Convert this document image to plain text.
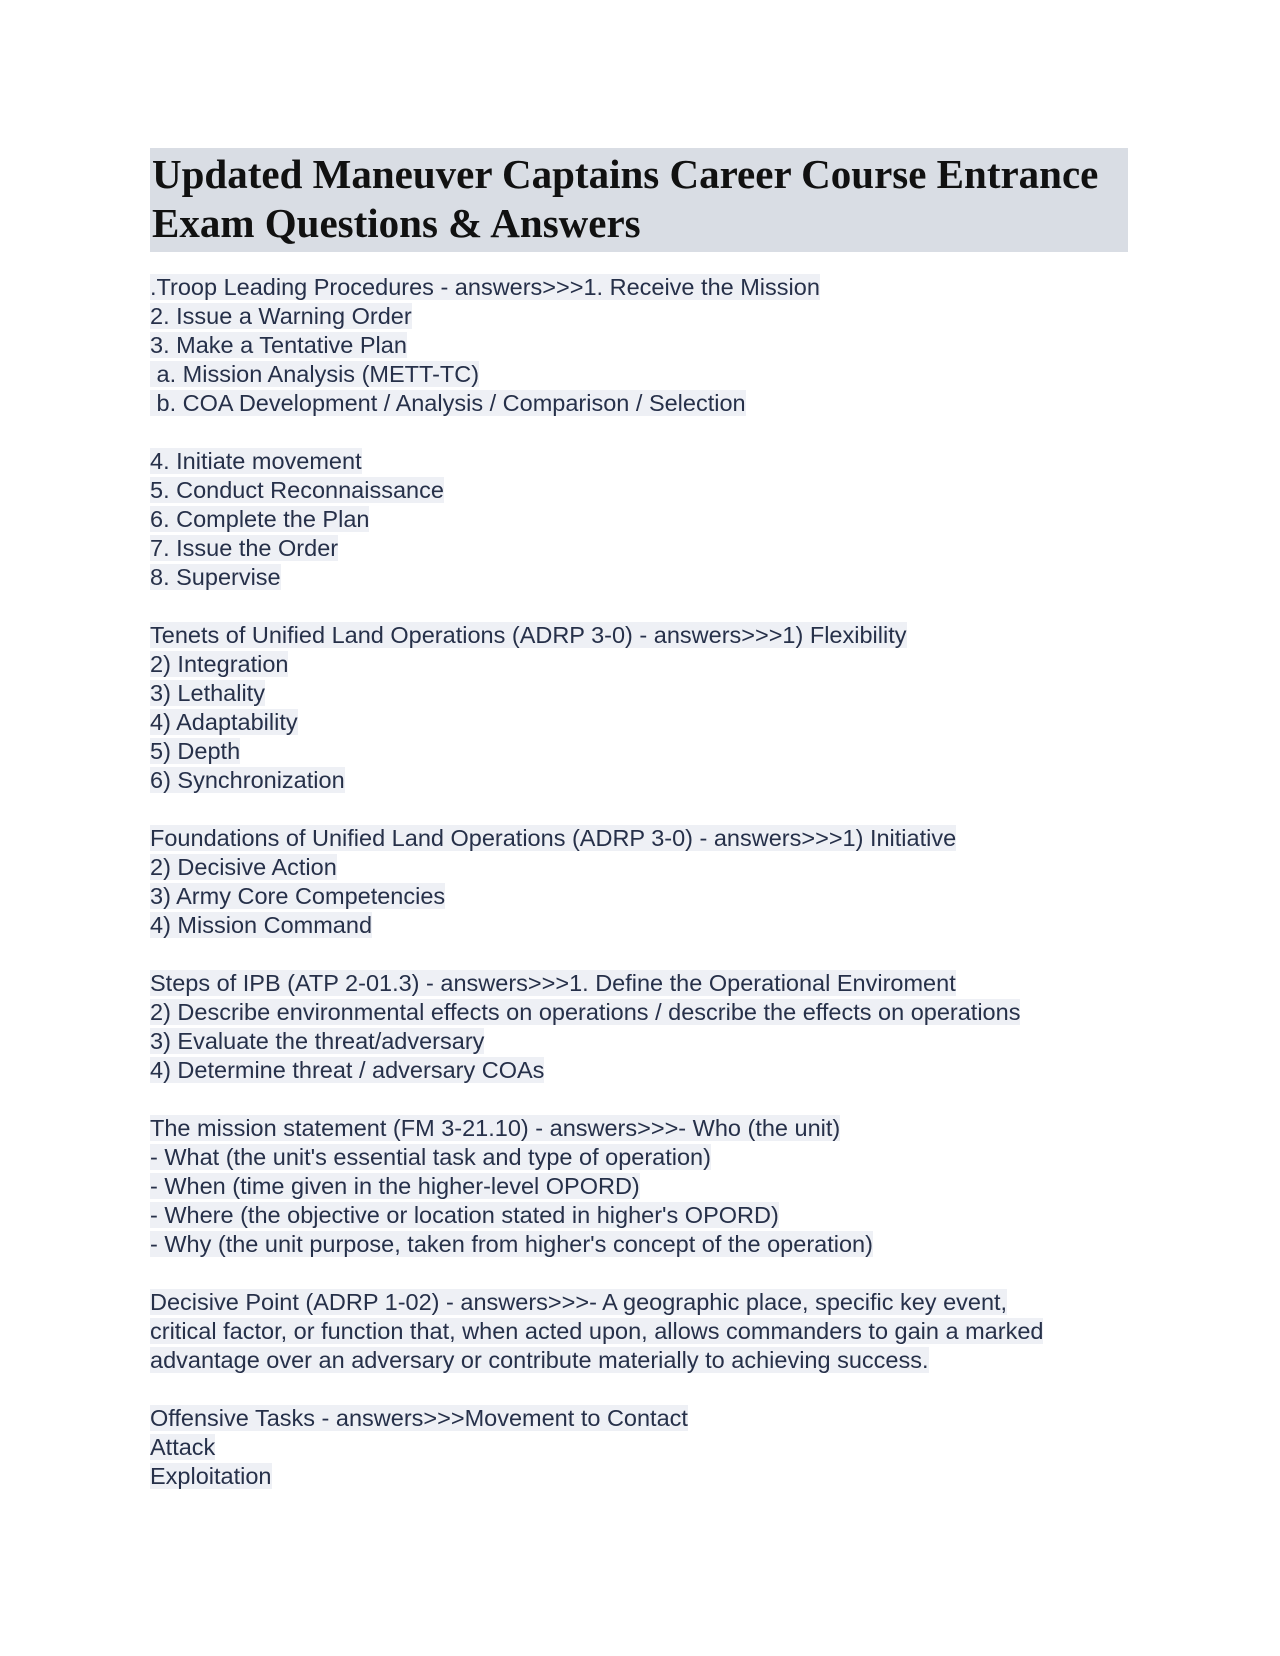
Updated Maneuver Captains Career Course Entrance
Exam Questions & Answers
.Troop Leading Procedures - answers>>>1. Receive the Mission
2. Issue a Warning Order
3. Make a Tentative Plan
a. Mission Analysis (METT-TC)
b. COA Development / Analysis / Comparison / Selection
4. Initiate movement
5. Conduct Reconnaissance
6. Complete the Plan
7. Issue the Order
8. Supervise
Tenets of Unified Land Operations (ADRP 3-0) - answers>>>1) Flexibility
2) Integration
3) Lethality
4) Adaptability
5) Depth
6) Synchronization
Foundations of Unified Land Operations (ADRP 3-0) - answers>>>1) Initiative
2) Decisive Action
3) Army Core Competencies
4) Mission Command
Steps of IPB (ATP 2-01.3) - answers>>>1. Define the Operational Enviroment
2) Describe environmental effects on operations / describe the effects on operations
3) Evaluate the threat/adversary
4) Determine threat / adversary COAs
The mission statement (FM 3-21.10) - answers>>>- Who (the unit)
- What (the unit's essential task and type of operation)
- When (time given in the higher-level OPORD)
- Where (the objective or location stated in higher's OPORD)
- Why (the unit purpose, taken from higher's concept of the operation)
Decisive Point (ADRP 1-02) - answers>>>- A geographic place, specific key event,
critical factor, or function that, when acted upon, allows commanders to gain a marked
advantage over an adversary or contribute materially to achieving success.
Offensive Tasks - answers>>>Movement to Contact
Attack
Exploitation
